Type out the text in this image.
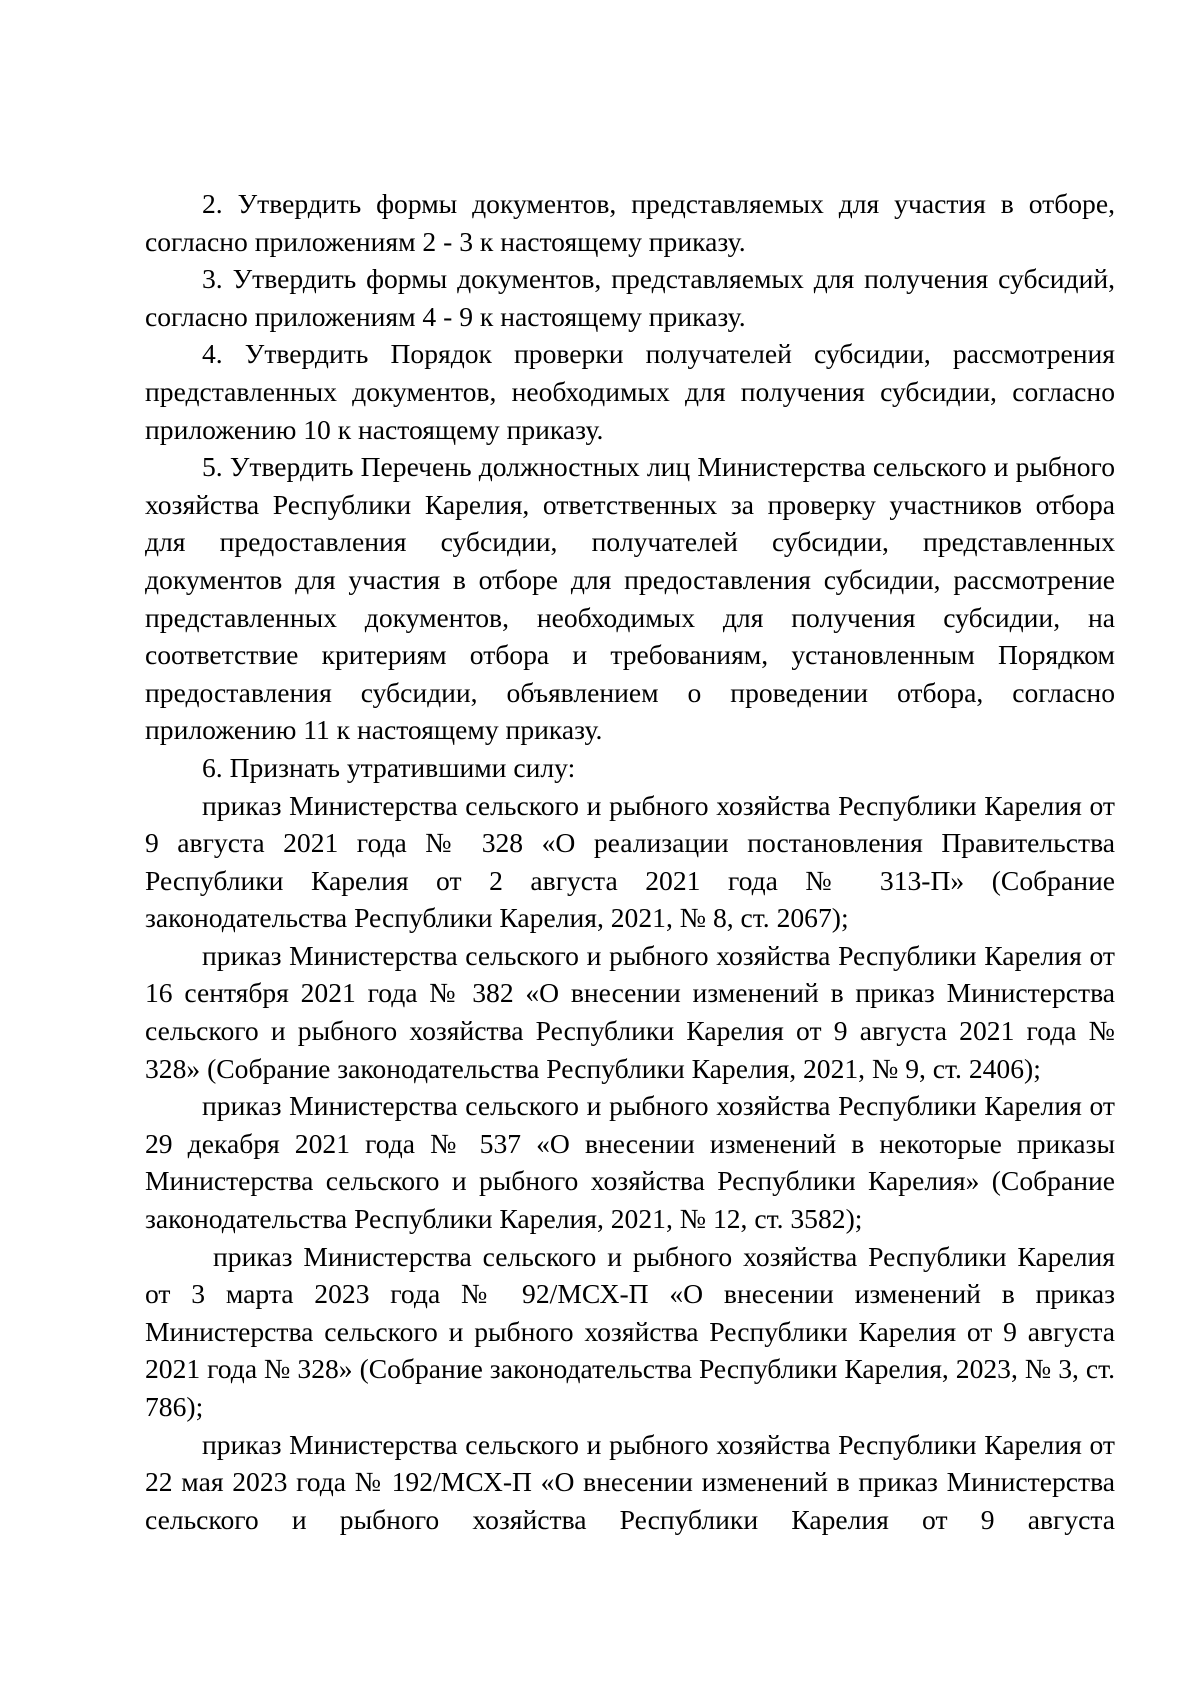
2. Утвердить формы документов, представляемых для участия в отборе, согласно приложениям 2 - 3 к настоящему приказу.

3. Утвердить формы документов, представляемых для получения субсидий, согласно приложениям 4 - 9 к настоящему приказу.

4. Утвердить Порядок проверки получателей субсидии, рассмотрения представленных документов, необходимых для получения субсидии, согласно приложению 10 к настоящему приказу.

5. Утвердить Перечень должностных лиц Министерства сельского и рыбного хозяйства Республики Карелия, ответственных за проверку участников отбора для предоставления субсидии, получателей субсидии, представленных документов для участия в отборе для предоставления субсидии, рассмотрение представленных документов, необходимых для получения субсидии, на соответствие критериям отбора и требованиям, установленным Порядком предоставления субсидии, объявлением о проведении отбора, согласно приложению 11 к настоящему приказу.

6. Признать утратившими силу:

приказ Министерства сельского и рыбного хозяйства Республики Карелия от 9 августа 2021 года № 328 «О реализации постановления Правительства Республики Карелия от 2 августа 2021 года № 313-П» (Собрание законодательства Республики Карелия, 2021, № 8, ст. 2067);

приказ Министерства сельского и рыбного хозяйства Республики Карелия от 16 сентября 2021 года № 382 «О внесении изменений в приказ Министерства сельского и рыбного хозяйства Республики Карелия от 9 августа 2021 года № 328» (Собрание законодательства Республики Карелия, 2021, № 9, ст. 2406);

приказ Министерства сельского и рыбного хозяйства Республики Карелия от 29 декабря 2021 года № 537 «О внесении изменений в некоторые приказы Министерства сельского и рыбного хозяйства Республики Карелия» (Собрание законодательства Республики Карелия, 2021, № 12, ст. 3582);

приказ Министерства сельского и рыбного хозяйства Республики Карелия от 3 марта 2023 года № 92/МСХ-П «О внесении изменений в приказ Министерства сельского и рыбного хозяйства Республики Карелия от 9 августа 2021 года № 328» (Собрание законодательства Республики Карелия, 2023, № 3, ст. 786);

приказ Министерства сельского и рыбного хозяйства Республики Карелия от 22 мая 2023 года № 192/МСХ-П «О внесении изменений в приказ Министерства сельского и рыбного хозяйства Республики Карелия от 9 августа
